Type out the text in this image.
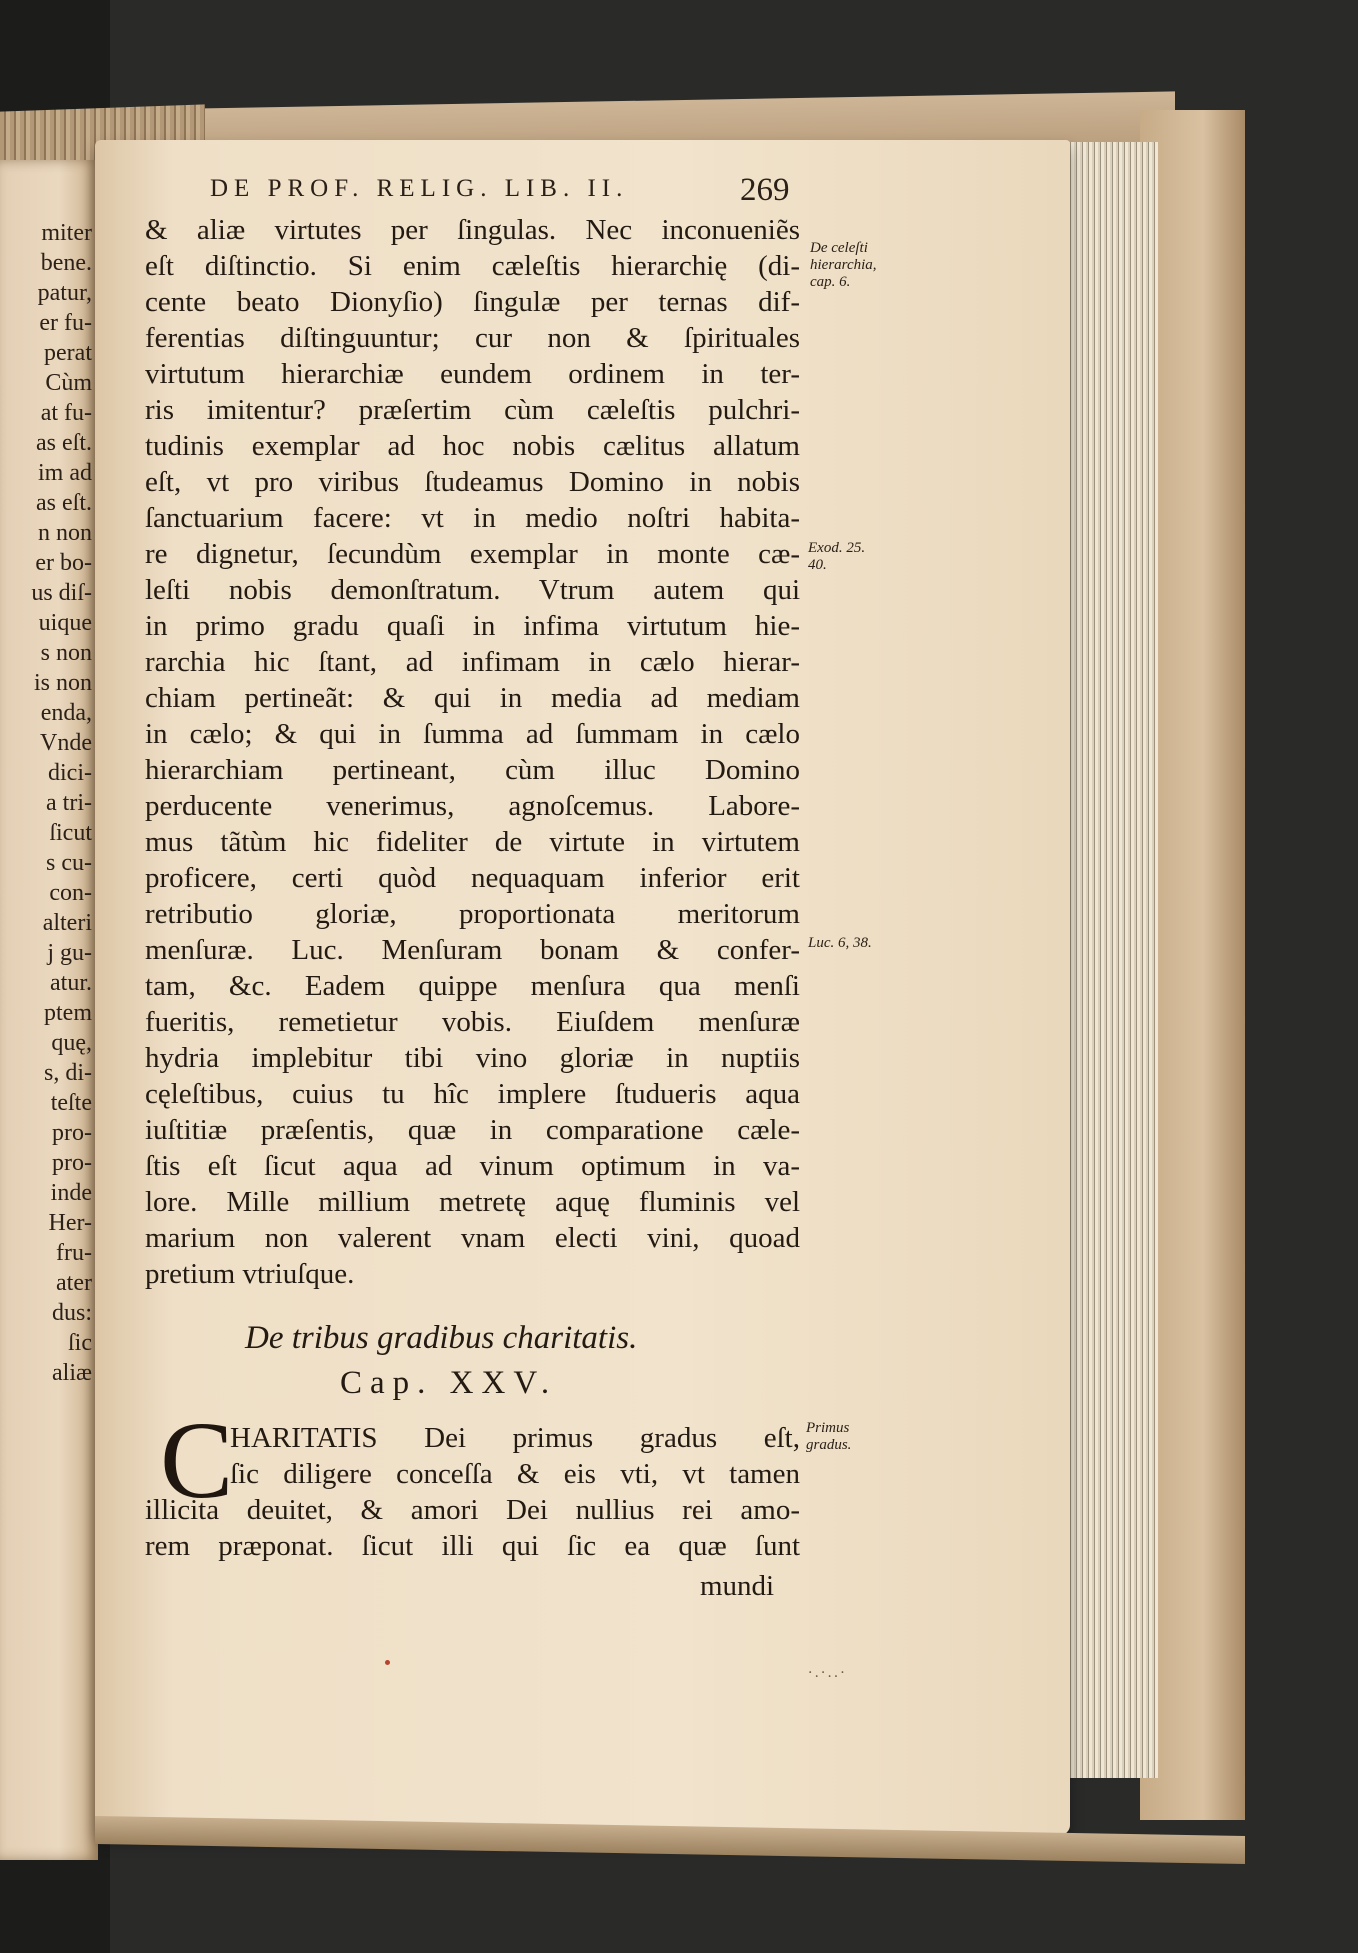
miter
bene.
patur,
er fu-
perat
Cùm
at fu-
as eſt.
im ad
as eſt.
n non
er bo-
us diſ-
uique
s non
is non
enda,
Vnde
dici-
a tri-
ſicut
s cu-
con-
alteri
j gu-
atur.
ptem
quę,
s, di-
teſte
pro-
pro-
inde
Her-
fru-
ater
dus:
ſic
aliæ
DE PROF. RELIG. LIB. II.	269
& aliæ virtutes per ſingulas. Nec inconueniẽs
eſt diſtinctio. Si enim cæleſtis hierarchię (di-
cente beato Dionyſio) ſingulæ per ternas dif-
ferentias diſtinguuntur; cur non & ſpirituales
virtutum hierarchiæ eundem ordinem in ter-
ris imitentur? præſertim cùm cæleſtis pulchri-
tudinis exemplar ad hoc nobis cælitus allatum
eſt, vt pro viribus ſtudeamus Domino in nobis
ſanctuarium facere: vt in medio noſtri habita-
re dignetur, ſecundùm exemplar in monte cæ-
leſti nobis demonſtratum. Vtrum autem qui
in primo gradu quaſi in infima virtutum hie-
rarchia hic ſtant, ad infimam in cælo hierar-
chiam pertineãt: & qui in media ad mediam
in cælo; & qui in ſumma ad ſummam in cælo
hierarchiam pertineant, cùm illuc Domino
perducente venerimus, agnoſcemus. Labore-
mus tãtùm hic fideliter de virtute in virtutem
proficere, certi quòd nequaquam inferior erit
retributio gloriæ, proportionata meritorum
menſuræ. Luc. Menſuram bonam & confer-
tam, &c. Eadem quippe menſura qua menſi
fueritis, remetietur vobis. Eiuſdem menſuræ
hydria implebitur tibi vino gloriæ in nuptiis
cęleſtibus, cuius tu hîc implere ſtudueris aqua
iuſtitiæ præſentis, quæ in comparatione cæle-
ſtis eſt ſicut aqua ad vinum optimum in va-
lore. Mille millium metretę aquę fluminis vel
marium non valerent vnam electi vini, quoad
pretium vtriuſque.
De celeſti
hierarchia,
cap. 6.
Exod. 25.
40.
Luc. 6, 38.
Primus
gradus.
De tribus gradibus charitatis.
Cap. XXV.
C
HARITATIS Dei primus gradus eſt,
ſic diligere conceſſa & eis vti, vt tamen
illicita deuitet, & amori Dei nullius rei amo-
rem præponat. ſicut illi qui ſic ea quæ ſunt
mundi
·.·..·
